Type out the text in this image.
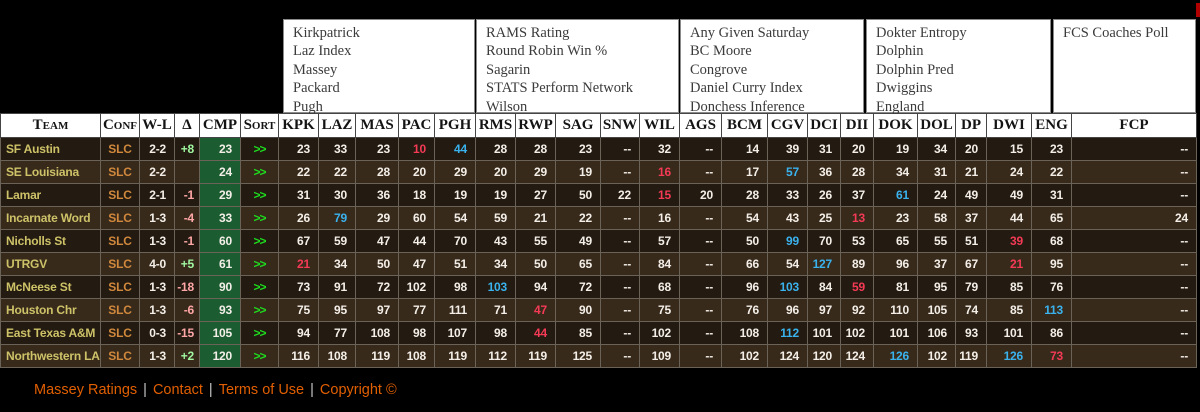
Kirkpatrick
Laz Index
Massey
Packard
Pugh
RAMS Rating
Round Robin Win %
Sagarin
STATS Perform Network
Wilson
Any Given Saturday
BC Moore
Congrove
Daniel Curry Index
Donchess Inference
Dokter Entropy
Dolphin
Dolphin Pred
Dwiggins
England
FCS Coaches Poll
Team	Conf	W-L	Δ	CMP	Sort	KPK	LAZ	MAS	PAC	PGH	RMS	RWP	SAG	SNW	WIL	AGS	BCM	CGV	DCI	DII	DOK	DOL	DP	DWI	ENG	FCP
SF Austin	SLC	2-2	+8	23	>>	23	33	23	10	44	28	28	23	--	32	--	14	39	31	20	19	34	20	15	23	--
SE Louisiana	SLC	2-2		24	>>	22	22	28	20	29	20	29	19	--	16	--	17	57	36	28	34	31	21	24	22	--
Lamar	SLC	2-1	-1	29	>>	31	30	36	18	19	19	27	50	22	15	20	28	33	26	37	61	24	49	49	31	--
Incarnate Word	SLC	1-3	-4	33	>>	26	79	29	60	54	59	21	22	--	16	--	54	43	25	13	23	58	37	44	65	24
Nicholls St	SLC	1-3	-1	60	>>	67	59	47	44	70	43	55	49	--	57	--	50	99	70	53	65	55	51	39	68	--
UTRGV	SLC	4-0	+5	61	>>	21	34	50	47	51	34	50	65	--	84	--	66	54	127	89	96	37	67	21	95	--
McNeese St	SLC	1-3	-18	90	>>	73	91	72	102	98	103	94	72	--	68	--	96	103	84	59	81	95	79	85	76	--
Houston Chr	SLC	1-3	-6	93	>>	75	95	97	77	111	71	47	90	--	75	--	76	96	97	92	110	105	74	85	113	--
East Texas A&M	SLC	0-3	-15	105	>>	94	77	108	98	107	98	44	85	--	102	--	108	112	101	102	101	106	93	101	86	--
Northwestern LA	SLC	1-3	+2	120	>>	116	108	119	108	119	112	119	125	--	109	--	102	124	120	124	126	102	119	126	73	--
Massey Ratings | Contact | Terms of Use | Copyright ©
